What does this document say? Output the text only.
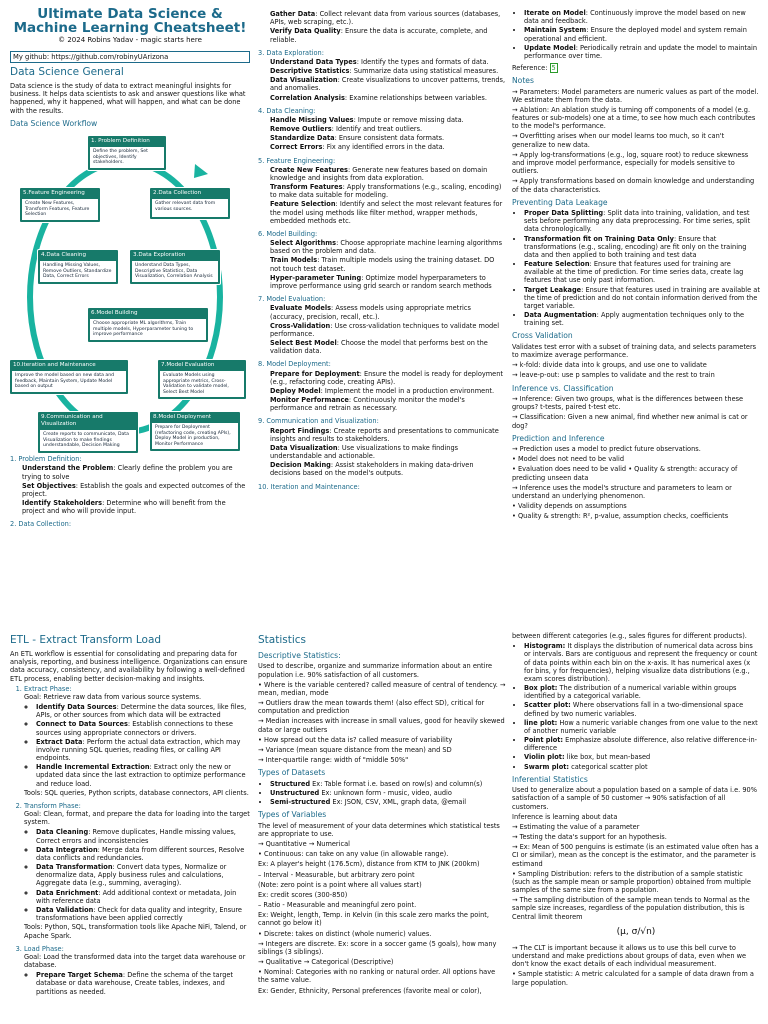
Ultimate Data Science & Machine Learning Cheatsheet!
© 2024 Robins Yadav - magic starts here
My github: https://github.com/robinyUArizona
Data Science General

Data science is the study of data to extract meaningful insights for business. It helps data scientists to ask and answer questions like what happened, why it happened, what will happen, and what can be done with the results.

Data Science Workflow
1. Problem Definition
Define the problem, Set objectives, Identify stakeholders.
2.Data Collection
Gather relevant data from various sources.
3.Data Exploration
Understand Data Types, Descriptive Statistics, Data Visualization, Correlation Analysis
4.Data Cleaning
Handling Missing Values, Remove Outliers, Standardize Data, Correct Errors
5.Feature Engineering
Create New Features, Transform Features, Feature Selection
6.Model Building
Choose appropriate ML algorithms, Train multiple models, Hyperparameter tuning to improve performance
7.Model Evaluation
Evaluate Models using appropriate metrics, Cross-Validation to validate model, Select Best Model
8.Model Deployment
Prepare for Deployment (refactoring code, creating APIs), Deploy Model in production, Monitor Performance
9.Communication and Visualization
Create reports to communicate, Data Visualization to make findings understandable, Decision Making
10.Iteration and Maintenance
Improve the model based on new data and feedback, Maintain System, Update Model based on output
1. Problem Definition:
Understand the Problem: Clearly define the problem you are trying to solve
Set Objectives: Establish the goals and expected outcomes of the project.
Identify Stakeholders: Determine who will benefit from the project and who will provide input.
2. Data Collection:
Gather Data: Collect relevant data from various sources (databases, APIs, web scraping, etc.).
Verify Data Quality: Ensure the data is accurate, complete, and reliable.
3. Data Exploration:
Understand Data Types: Identify the types and formats of data.
Descriptive Statistics: Summarize data using statistical measures.
Data Visualization: Create visualizations to uncover patterns, trends, and anomalies.
Correlation Analysis: Examine relationships between variables.
4. Data Cleaning:
Handle Missing Values: Impute or remove missing data.
Remove Outliers: Identify and treat outliers.
Standardize Data: Ensure consistent data formats.
Correct Errors: Fix any identified errors in the data.
5. Feature Engineering:
Create New Features: Generate new features based on domain knowledge and insights from data exploration.
Transform Features: Apply transformations (e.g., scaling, encoding) to make data suitable for modeling.
Feature Selection: Identify and select the most relevant features for the model using methods like filter method, wrapper methods, embedded methods etc.
6. Model Building:
Select Algorithms: Choose appropriate machine learning algorithms based on the problem and data.
Train Models: Train multiple models using the training dataset. DO not touch test dataset.
Hyper-parameter Tuning: Optimize model hyperparameters to improve performance using grid search or random search methods
7. Model Evaluation:
Evaluate Models: Assess models using appropriate metrics (accuracy, precision, recall, etc.).
Cross-Validation: Use cross-validation techniques to validate model performance.
Select Best Model: Choose the model that performs best on the validation data.
8. Model Deployment:
Prepare for Deployment: Ensure the model is ready for deployment (e.g., refactoring code, creating APIs).
Deploy Model: Implement the model in a production environment.
Monitor Performance: Continuously monitor the model's performance and retrain as necessary.
9. Communication and Visualization:
Report Findings: Create reports and presentations to communicate insights and results to stakeholders.
Data Visualization: Use visualizations to make findings understandable and actionable.
Decision Making: Assist stakeholders in making data-driven decisions based on the model's outputs.
10. Iteration and Maintenance:
• Iterate on Model: Continuously improve the model based on new data and feedback.
• Maintain System: Ensure the deployed model and system remain operational and efficient.
• Update Model: Periodically retrain and update the model to maintain performance over time.

Reference: 5

Notes

→ Parameters: Model parameters are numeric values as part of the model. We estimate them from the data.

→ Ablation: An ablation study is turning off components of a model (e.g. features or sub-models) one at a time, to see how much each contributes to the model's performance.

→ Overfitting arises when our model learns too much, so it can't generalize to new data.

→ Apply log-transformations (e.g., log, square root) to reduce skewness and improve model performance, especially for models sensitive to outliers.

→ Apply transformations based on domain knowledge and understanding of the data characteristics.

Preventing Data Leakage
• Proper Data Splitting: Split data into training, validation, and test sets before performing any data preprocessing. For time series, split data chronologically.
• Transformation fit on Training Data Only: Ensure that transformations (e.g., scaling, encoding) are fit only on the training data and then applied to both training and test data
• Feature Selection: Ensure that features used for training are available at the time of prediction. For time series data, create lag features that use only past information.
• Target Leakage: Ensure that features used in training are available at the time of prediction and do not contain information derived from the target variable.
• Data Augmentation: Apply augmentation techniques only to the training set.
Cross Validation

Validates test error with a subset of training data, and selects parameters to maximize average performance.

→ k-fold: divide data into k groups, and use one to validate

→ leave-p-out: use p samples to validate and the rest to train

Inference vs. Classification

→ Inference: Given two groups, what is the differences between these groups? t-tests, paired t-test etc.

→ Classification: Given a new animal, find whether new animal is cat or dog?

Prediction and Inference

→ Prediction uses a model to predict future observations.

• Model does not need to be valid

• Evaluation does need to be valid • Quality & strength: accuracy of predicting unseen data

→ Inference uses the model's structure and parameters to learn or understand an underlying phenomenon.

• Validity depends on assumptions

• Quality & strength: R², p-value, assumption checks, coefficients

ETL - Extract Transform Load

An ETL workflow is essential for consolidating and preparing data for analysis, reporting, and business intelligence. Organizations can ensure data accuracy, consistency, and availability by following a well-defined ETL process, enabling better decision-making and insights.

1. Extract Phase:

Goal: Retrieve raw data from various source systems.

◦ Identify Data Sources: Determine the data sources, like files, APIs, or other sources from which data will be extracted
◦ Connect to Data Sources: Establish connections to these sources using appropriate connectors or drivers.
◦ Extract Data: Perform the actual data extraction, which may involve running SQL queries, reading files, or calling API endpoints.
◦ Handle Incremental Extraction: Extract only the new or updated data since the last extraction to optimize performance and reduce load.

Tools: SQL queries, Python scripts, database connectors, API clients.

2. Transform Phase:

Goal: Clean, format, and prepare the data for loading into the target system.

◦ Data Cleaning: Remove duplicates, Handle missing values, Correct errors and inconsistencies
◦ Data Integration: Merge data from different sources, Resolve data conflicts and redundancies.
◦ Data Transformation: Convert data types, Normalize or denormalize data, Apply business rules and calculations, Aggregate data (e.g., summing, averaging).
◦ Data Enrichment: Add additional context or metadata, Join with reference data
◦ Data Validation: Check for data quality and integrity, Ensure transformations have been applied correctly

Tools: Python, SQL, transformation tools like Apache NiFi, Talend, or Apache Spark.

3. Load Phase:

Goal: Load the transformed data into the target data warehouse or database.

◦ Prepare Target Schema: Define the schema of the target database or data warehouse, Create tables, indexes, and partitions as needed.
Statistics
Descriptive Statistics:

Used to describe, organize and summarize information about an entire population i.e. 90% satisfaction of all customers.

• Where is the variable centered? called measure of central of tendency. → mean, median, mode

→ Outliers draw the mean towards them! (also effect SD), critical for computation and prediction

→ Median increases with increase in small values, good for heavily skewed data or large outliers

• How spread out the data is? called measure of variability

→ Variance (mean square distance from the mean) and SD

→ Inter-quartile range: width of "middle 50%"

Types of Datasets
• Structured Ex: Table format i.e. based on row(s) and column(s)
• Unstructured Ex: unknown form - music, video, audio
• Semi-structured Ex: JSON, CSV, XML, graph data, @email
Types of Variables

The level of measurement of your data determines which statistical tests are appropriate to use.

→ Quantitative → Numerical

• Continuous: can take on any value (in allowable range).

Ex: A player's height (176.5cm), distance from KTM to JNK (200km)

– Interval - Measurable, but arbitrary zero point

(Note: zero point is a point where all values start)

Ex: credit scores (300-850)

– Ratio - Measurable and meaningful zero point.

Ex: Weight, length, Temp. in Kelvin (in this scale zero marks the point, cannot go below it)

• Discrete: takes on distinct (whole numeric) values.

→ Integers are discrete. Ex: score in a soccer game (5 goals), how many siblings (3 siblings).

→ Qualitative → Categorical (Descriptive)

• Nominal: Categories with no ranking or natural order. All options have the same value.

Ex: Gender, Ethnicity, Personal preferences (favorite meal or color),

between different categories (e.g., sales figures for different products).

• Histogram: It displays the distribution of numerical data across bins or intervals. Bars are contiguous and represent the frequency or count of data points within each bin on the x-axis. It has numerical axes (x for bins, y for frequencies), helping visualize data distributions (e.g., exam scores distribution).
• Box plot: The distribution of a numerical variable within groups identified by a categorical variable.
• Scatter plot: Where observations fall in a two-dimensional space defined by two numeric variables.
• line plot: How a numeric variable changes from one value to the next of another numeric variable
• Point plot: Emphasize absolute difference, also relative difference-in-difference
• Violin plot: like box, but mean-based
• Swarm plot: categorical scatter plot
Inferential Statistics

Used to generalize about a population based on a sample of data i.e. 90% satisfaction of a sample of 50 customer → 90% satisfaction of all customers.

Inference is learning about data

→ Estimating the value of a parameter

→ Testing the data's support for an hypothesis.

→ Ex: Mean of 500 penguins is estimate (is an estimated value often has a CI or similar), mean as the concept is the estimator, and the parameter is estimand

• Sampling Distribution: refers to the distribution of a sample statistic (such as the sample mean or sample proportion) obtained from multiple samples of the same size from a population.

→ The sampling distribution of the sample mean tends to Normal as the sample size increases, regardless of the population distribution, this is Central limit theorem

(μ, σ/√n)

→ The CLT is important because it allows us to use this bell curve to understand and make predictions about groups of data, even when we don't know the exact details of each individual measurement.

• Sample statistic: A metric calculated for a sample of data drawn from a large population.
